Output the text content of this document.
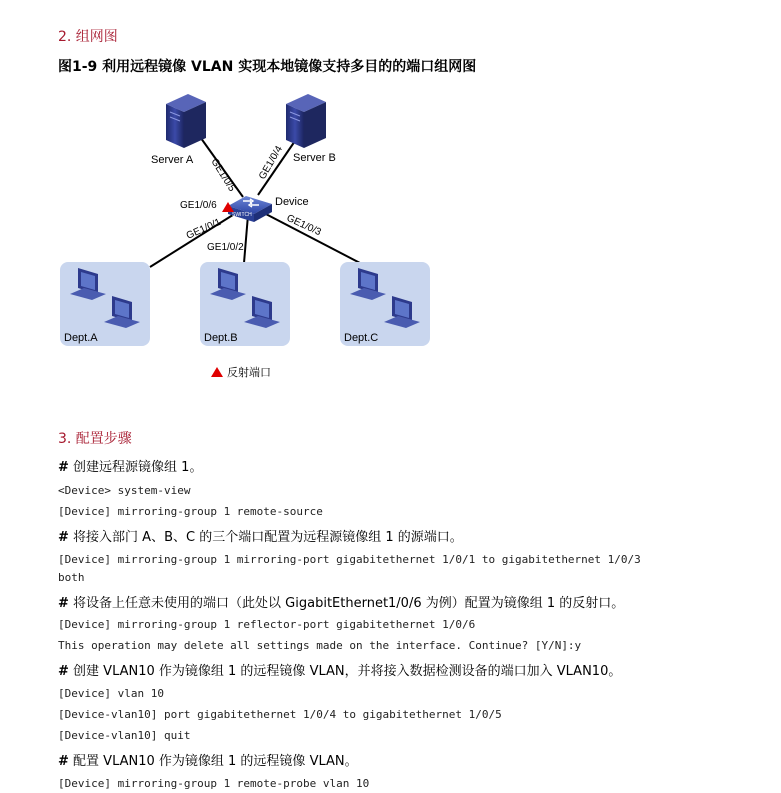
2. 组网图
图1-9 利用远程镜像 VLAN 实现本地镜像支持多目的的端口组网图
SWITCH
Server A	Server B
Device
GE1/0/5 GE1/0/4
GE1/0/6
GE1/0/1
GE1/0/2
GE1/0/3
Dept.A	Dept.B	Dept.C
反射端口
3. 配置步骤
# 创建远程源镜像组 1。
<Device> system-view
[Device] mirroring-group 1 remote-source
# 将接入部门 A、B、C 的三个端口配置为远程源镜像组 1 的源端口。
[Device] mirroring-group 1 mirroring-port gigabitethernet 1/0/1 to gigabitethernet 1/0/3
both
# 将设备上任意未使用的端口（此处以 GigabitEthernet1/0/6 为例）配置为镜像组 1 的反射口。
[Device] mirroring-group 1 reflector-port gigabitethernet 1/0/6
This operation may delete all settings made on the interface. Continue? [Y/N]:y
# 创建 VLAN10 作为镜像组 1 的远程镜像 VLAN，并将接入数据检测设备的端口加入 VLAN10。
[Device] vlan 10
[Device-vlan10] port gigabitethernet 1/0/4 to gigabitethernet 1/0/5
[Device-vlan10] quit
# 配置 VLAN10 作为镜像组 1 的远程镜像 VLAN。
[Device] mirroring-group 1 remote-probe vlan 10
